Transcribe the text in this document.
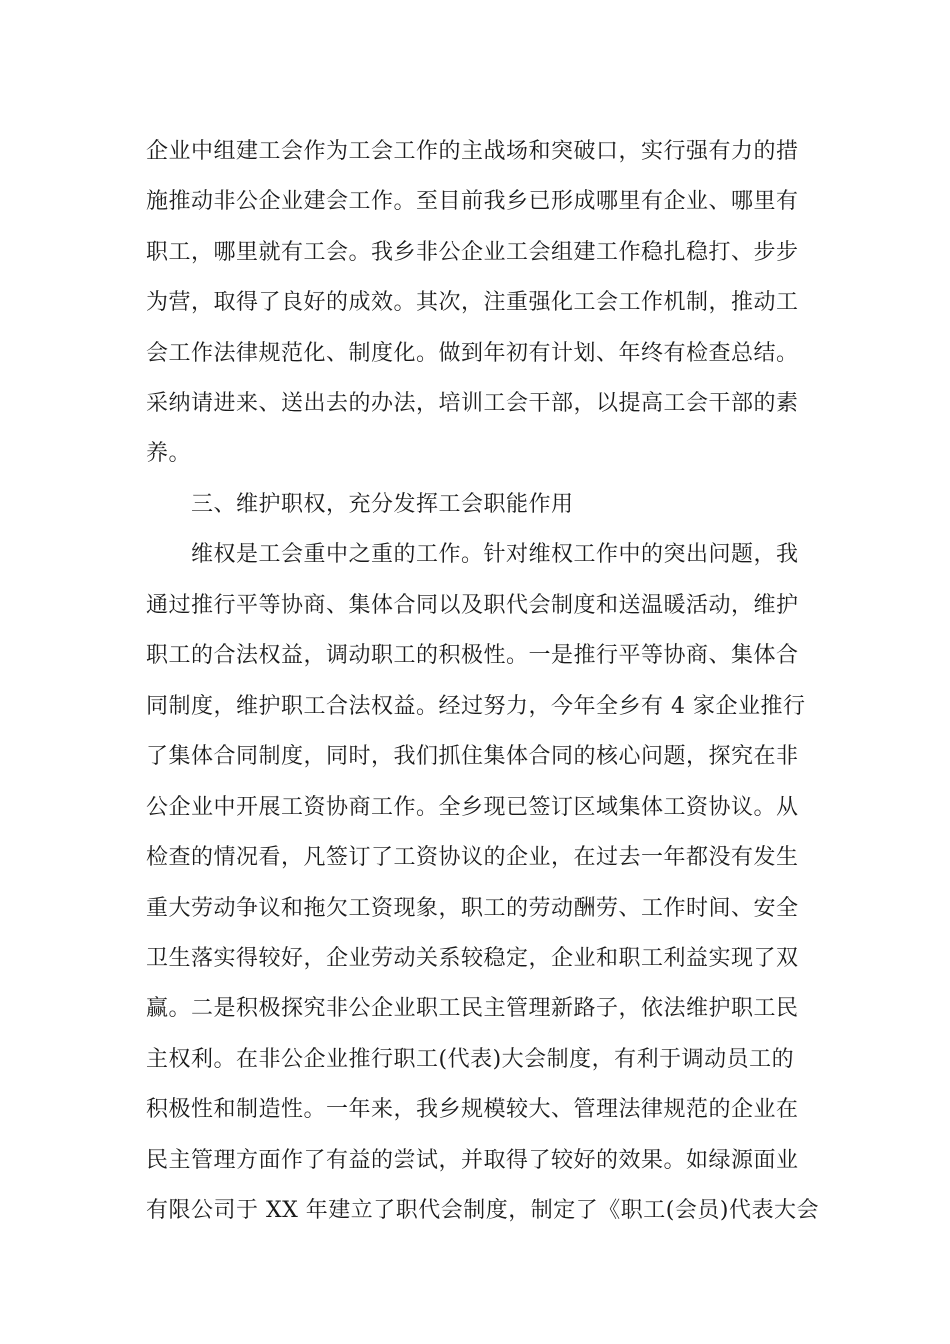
企业中组建工会作为工会工作的主战场和突破口，实行强有力的措
施推动非公企业建会工作。至目前我乡已形成哪里有企业、哪里有
职工，哪里就有工会。我乡非公企业工会组建工作稳扎稳打、步步
为营，取得了良好的成效。其次，注重强化工会工作机制，推动工
会工作法律规范化、制度化。做到年初有计划、年终有检查总结。
采纳请进来、送出去的办法，培训工会干部，以提高工会干部的素
养。
三、维护职权，充分发挥工会职能作用
维权是工会重中之重的工作。针对维权工作中的突出问题，我
通过推行平等协商、集体合同以及职代会制度和送温暖活动，维护
职工的合法权益，调动职工的积极性。一是推行平等协商、集体合
同制度，维护职工合法权益。经过努力，今年全乡有 4 家企业推行
了集体合同制度，同时，我们抓住集体合同的核心问题，探究在非
公企业中开展工资协商工作。全乡现已签订区域集体工资协议。从
检查的情况看，凡签订了工资协议的企业，在过去一年都没有发生
重大劳动争议和拖欠工资现象，职工的劳动酬劳、工作时间、安全
卫生落实得较好，企业劳动关系较稳定，企业和职工利益实现了双
赢。二是积极探究非公企业职工民主管理新路子，依法维护职工民
主权利。在非公企业推行职工(代表)大会制度，有利于调动员工的
积极性和制造性。一年来，我乡规模较大、管理法律规范的企业在
民主管理方面作了有益的尝试，并取得了较好的效果。如绿源面业
有限公司于 XX 年建立了职代会制度，制定了《职工(会员)代表大会
